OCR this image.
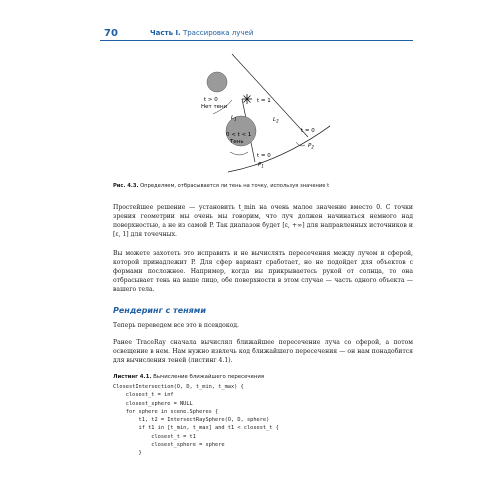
70	Часть I. Трассировка лучей
t > 0
Нет тени
t = 1
$L_1$	$L_2$
0 < t < 1
Тень
t = 0
t = 0
$P_1$
$P_2$
Рис. 4.3. Определяем, отбрасывается ли тень на точку, используя значение t

Простейшее решение — установить t_min на очень малое значение вместо 0. С точки зрения геометрии мы очень мы говорим, что луч должен начинаться немного над поверхностью, а не из самой P. Так диапазон будет [ε, +∞] для направленных источников и [ε, 1] для точечных.

Вы можете захотеть это исправить и не вычислять пересечения между лучом и сферой, которой принадлежит P. Для сфер вариант сработает, но не подойдет для объектов с формами посложнее. Например, когда вы прикрываетесь рукой от солнца, то она отбрасывает тень на ваше лицо, обе поверхности в этом случае — часть одного объекта — вашего тела.

Рендеринг с тенями

Теперь переведем все это в псевдокод.

Ранее TraceRay сначала вычислял ближайшее пересечение луча со сферой, а потом освещение в нем. Нам нужно извлечь код ближайшего пересечения — он нам понадобится для вычисления теней (листинг 4.1).

Листинг 4.1. Вычисление ближайшего пересечения
ClosestIntersection(O, D, t_min, t_max) {
closest_t = inf
closest_sphere = NULL
for sphere in scene.Spheres {
t1, t2 = IntersectRaySphere(O, D, sphere)
if t1 in [t_min, t_max] and t1 < closest_t {
closest_t = t1
closest_sphere = sphere
}
